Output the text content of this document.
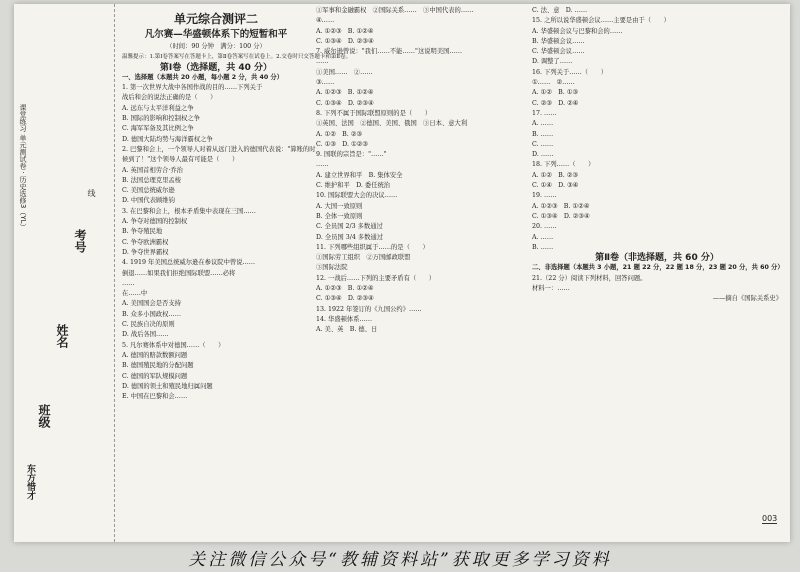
课堂练习 单元测试卷 · 历史选修3（YL）	线
考号
姓名
班级
东方惜才

单元综合测评二

凡尔赛—华盛顿体系下的短暂和平

（时间：90 分钟　满分：100 分）

温馨提示：1.第Ⅰ卷答案写在答题卡上，第Ⅱ卷答案写在试卷上。2.交卷时只交答题卡和第Ⅱ卷。

第Ⅰ卷（选择题，共 40 分）

一、选择题（本题共 20 小题，每小题 2 分，共 40 分）

1. 第一次世界大战中各国作战的目的……下列关于

战后和会的说法正确的是（　　）

A. 远东与太平洋利益之争

B. 国际的影响和控制权之争

C. 海军军备及其比例之争

D. 德国大陆均势与海洋霸权之争

2. 巴黎和会上，一个领导人对着从远门进入的德国代表说："算账的时

候到了！"这个领导人最有可能是（　　）

A. 英国首相劳合·乔治

B. 法国总理克里孟梭

C. 美国总统威尔逊

D. 中国代表顾维钧

3. 在巴黎和会上，根本矛盾集中表现在三国……

A. 争夺对德国的控制权

B. 争夺殖民地

C. 争夺欧洲霸权

D. 争夺世界霸权

4. 1919 年美国总统威尔逊在参议院中曾说……

倒退……如果我们拒绝国际联盟……必将

……

在……中

A. 美国国会是否支持

B. 众多小国政权……

C. 民族自决的原则

D. 战后各国……

5. 凡尔赛体系中对德国……（　　）

A. 德国的赔款数额问题

B. 德国殖民地的分配问题

C. 德国的军队规模问题

D. 德国的领土和殖民地归属问题

E. 中国在巴黎和会……

①军事和金融霸权　②国际关系……　③中国代表的……

④……

A. ①②③　B. ①②④

C. ①③④　D. ②③④

7. 威尔逊曾说："我们……不能……"这说明美国……

……

①美国……　②……

③……

A. ①②③　B. ①②④

C. ①③④　D. ②③④

8. 下列不属于国际联盟原则的是（　　）

①英国、法国　②德国、美国、俄国　③日本、意大利

A. ①②　B. ②③

C. ①③　D. ①②③

9. 国联的宗旨是："……"

……

A. 建立世界和平　B. 集体安全

C. 维护和平　D. 委任统治

10. 国际联盟大会的决议……

A. 大国一致原则

B. 全体一致原则

C. 全员国 2/3 多数通过

D. 全员国 3/4 多数通过

11. 下列哪些组织属于……的是（　　）

①国际劳工组织　②万国邮政联盟

③国际法院

12. 一战后……下列的主要矛盾有（　　）

A. ①②③　B. ①②④

C. ①③④　D. ②③④

13. 1922 年签订的《九国公约》……

14. 华盛顿体系……

A. 美、英　B. 德、日

C. 法、意　D. ……

15. 之所以说华盛顿会议……主要是由于（　　）

A. 华盛顿会议与巴黎和会的……

B. 华盛顿会议……

C. 华盛顿会议……

D. 调整了……

16. 下列关于……（　　）

①……　②……

A. ①②　B. ①③

C. ②③　D. ②④

17. ……

A. ……

B. ……

C. ……

D. ……

18. 下列……（　　）

A. ①②　B. ②③

C. ①④　D. ③④

19. ……

A. ①②③　B. ①②④

C. ①③④　D. ②③④

20. ……

A. ……

B. ……

第Ⅱ卷（非选择题，共 60 分）

二、非选择题（本题共 3 小题，21 题 22 分，22 题 18 分，23 题 20 分，共 60 分）

21.（22 分）阅读下列材料，回答问题。

材料一：……

——摘自《国际关系史》

003
关注微信公众号“教辅资料站”获取更多学习资料
